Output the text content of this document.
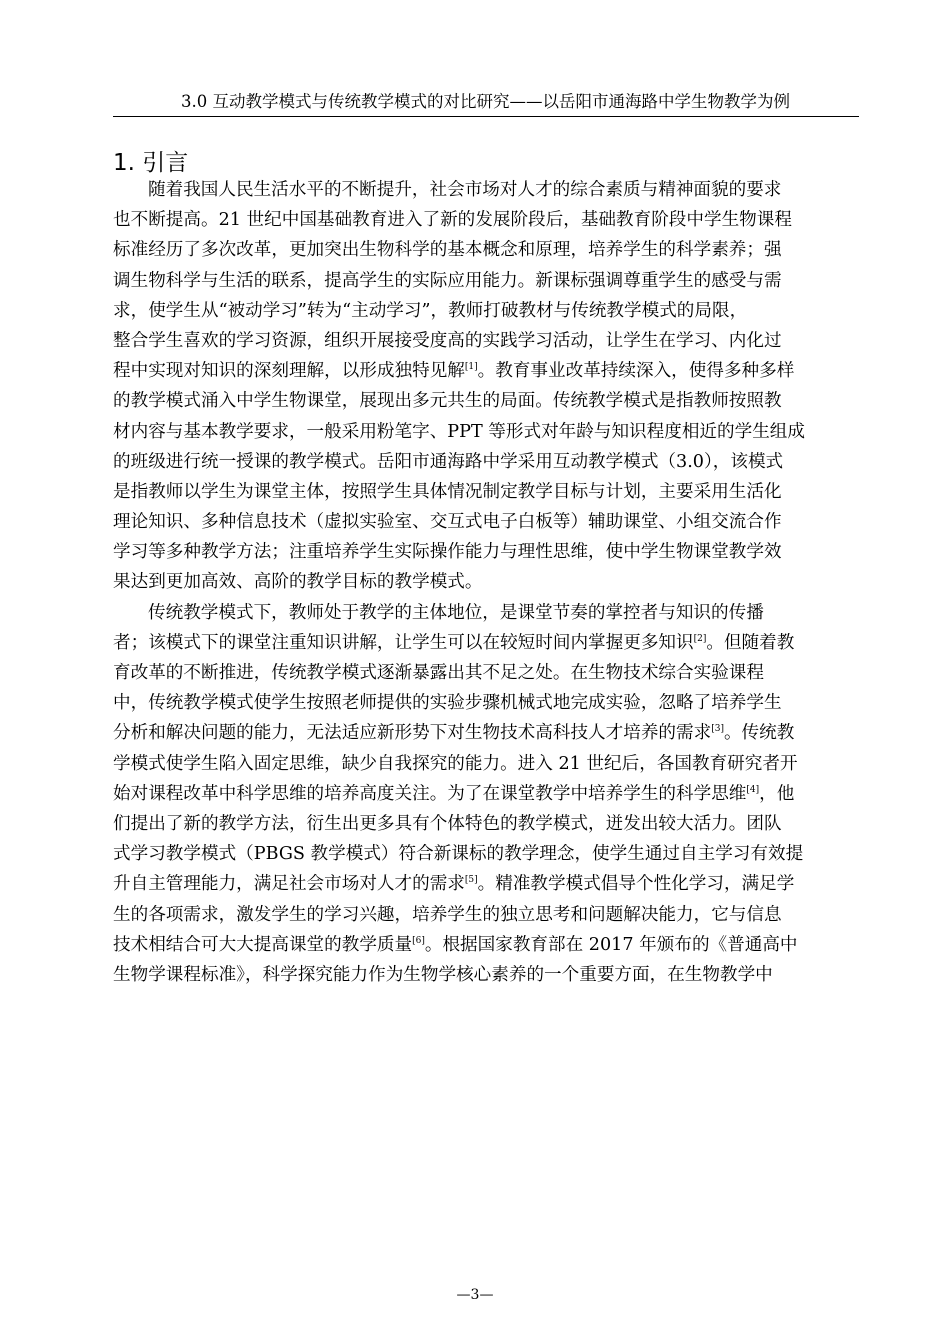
3.0 互动教学模式与传统教学模式的对比研究——以岳阳市通海路中学生物教学为例
1. 引言
随着我国人民生活水平的不断提升，社会市场对人才的综合素质与精神面貌的要求
也不断提高。21 世纪中国基础教育进入了新的发展阶段后，基础教育阶段中学生物课程
标准经历了多次改革，更加突出生物科学的基本概念和原理，培养学生的科学素养；强
调生物科学与生活的联系，提高学生的实际应用能力。新课标强调尊重学生的感受与需
求，使学生从“被动学习”转为“主动学习”，教师打破教材与传统教学模式的局限，
整合学生喜欢的学习资源，组织开展接受度高的实践学习活动，让学生在学习、内化过
程中实现对知识的深刻理解，以形成独特见解[1]。教育事业改革持续深入，使得多种多样
的教学模式涌入中学生物课堂，展现出多元共生的局面。传统教学模式是指教师按照教
材内容与基本教学要求，一般采用粉笔字、PPT 等形式对年龄与知识程度相近的学生组成
的班级进行统一授课的教学模式。岳阳市通海路中学采用互动教学模式（3.0），该模式
是指教师以学生为课堂主体，按照学生具体情况制定教学目标与计划，主要采用生活化
理论知识、多种信息技术（虚拟实验室、交互式电子白板等）辅助课堂、小组交流合作
学习等多种教学方法；注重培养学生实际操作能力与理性思维，使中学生物课堂教学效
果达到更加高效、高阶的教学目标的教学模式。
传统教学模式下，教师处于教学的主体地位，是课堂节奏的掌控者与知识的传播
者；该模式下的课堂注重知识讲解，让学生可以在较短时间内掌握更多知识[2]。但随着教
育改革的不断推进，传统教学模式逐渐暴露出其不足之处。在生物技术综合实验课程
中，传统教学模式使学生按照老师提供的实验步骤机械式地完成实验，忽略了培养学生
分析和解决问题的能力，无法适应新形势下对生物技术高科技人才培养的需求[3]。传统教
学模式使学生陷入固定思维，缺少自我探究的能力。进入 21 世纪后，各国教育研究者开
始对课程改革中科学思维的培养高度关注。为了在课堂教学中培养学生的科学思维[4]，他
们提出了新的教学方法，衍生出更多具有个体特色的教学模式，迸发出较大活力。团队
式学习教学模式（PBGS 教学模式）符合新课标的教学理念，使学生通过自主学习有效提
升自主管理能力，满足社会市场对人才的需求[5]。精准教学模式倡导个性化学习，满足学
生的各项需求，激发学生的学习兴趣，培养学生的独立思考和问题解决能力，它与信息
技术相结合可大大提高课堂的教学质量[6]。根据国家教育部在 2017 年颁布的《普通高中
生物学课程标准》，科学探究能力作为生物学核心素养的一个重要方面，在生物教学中
—3—
